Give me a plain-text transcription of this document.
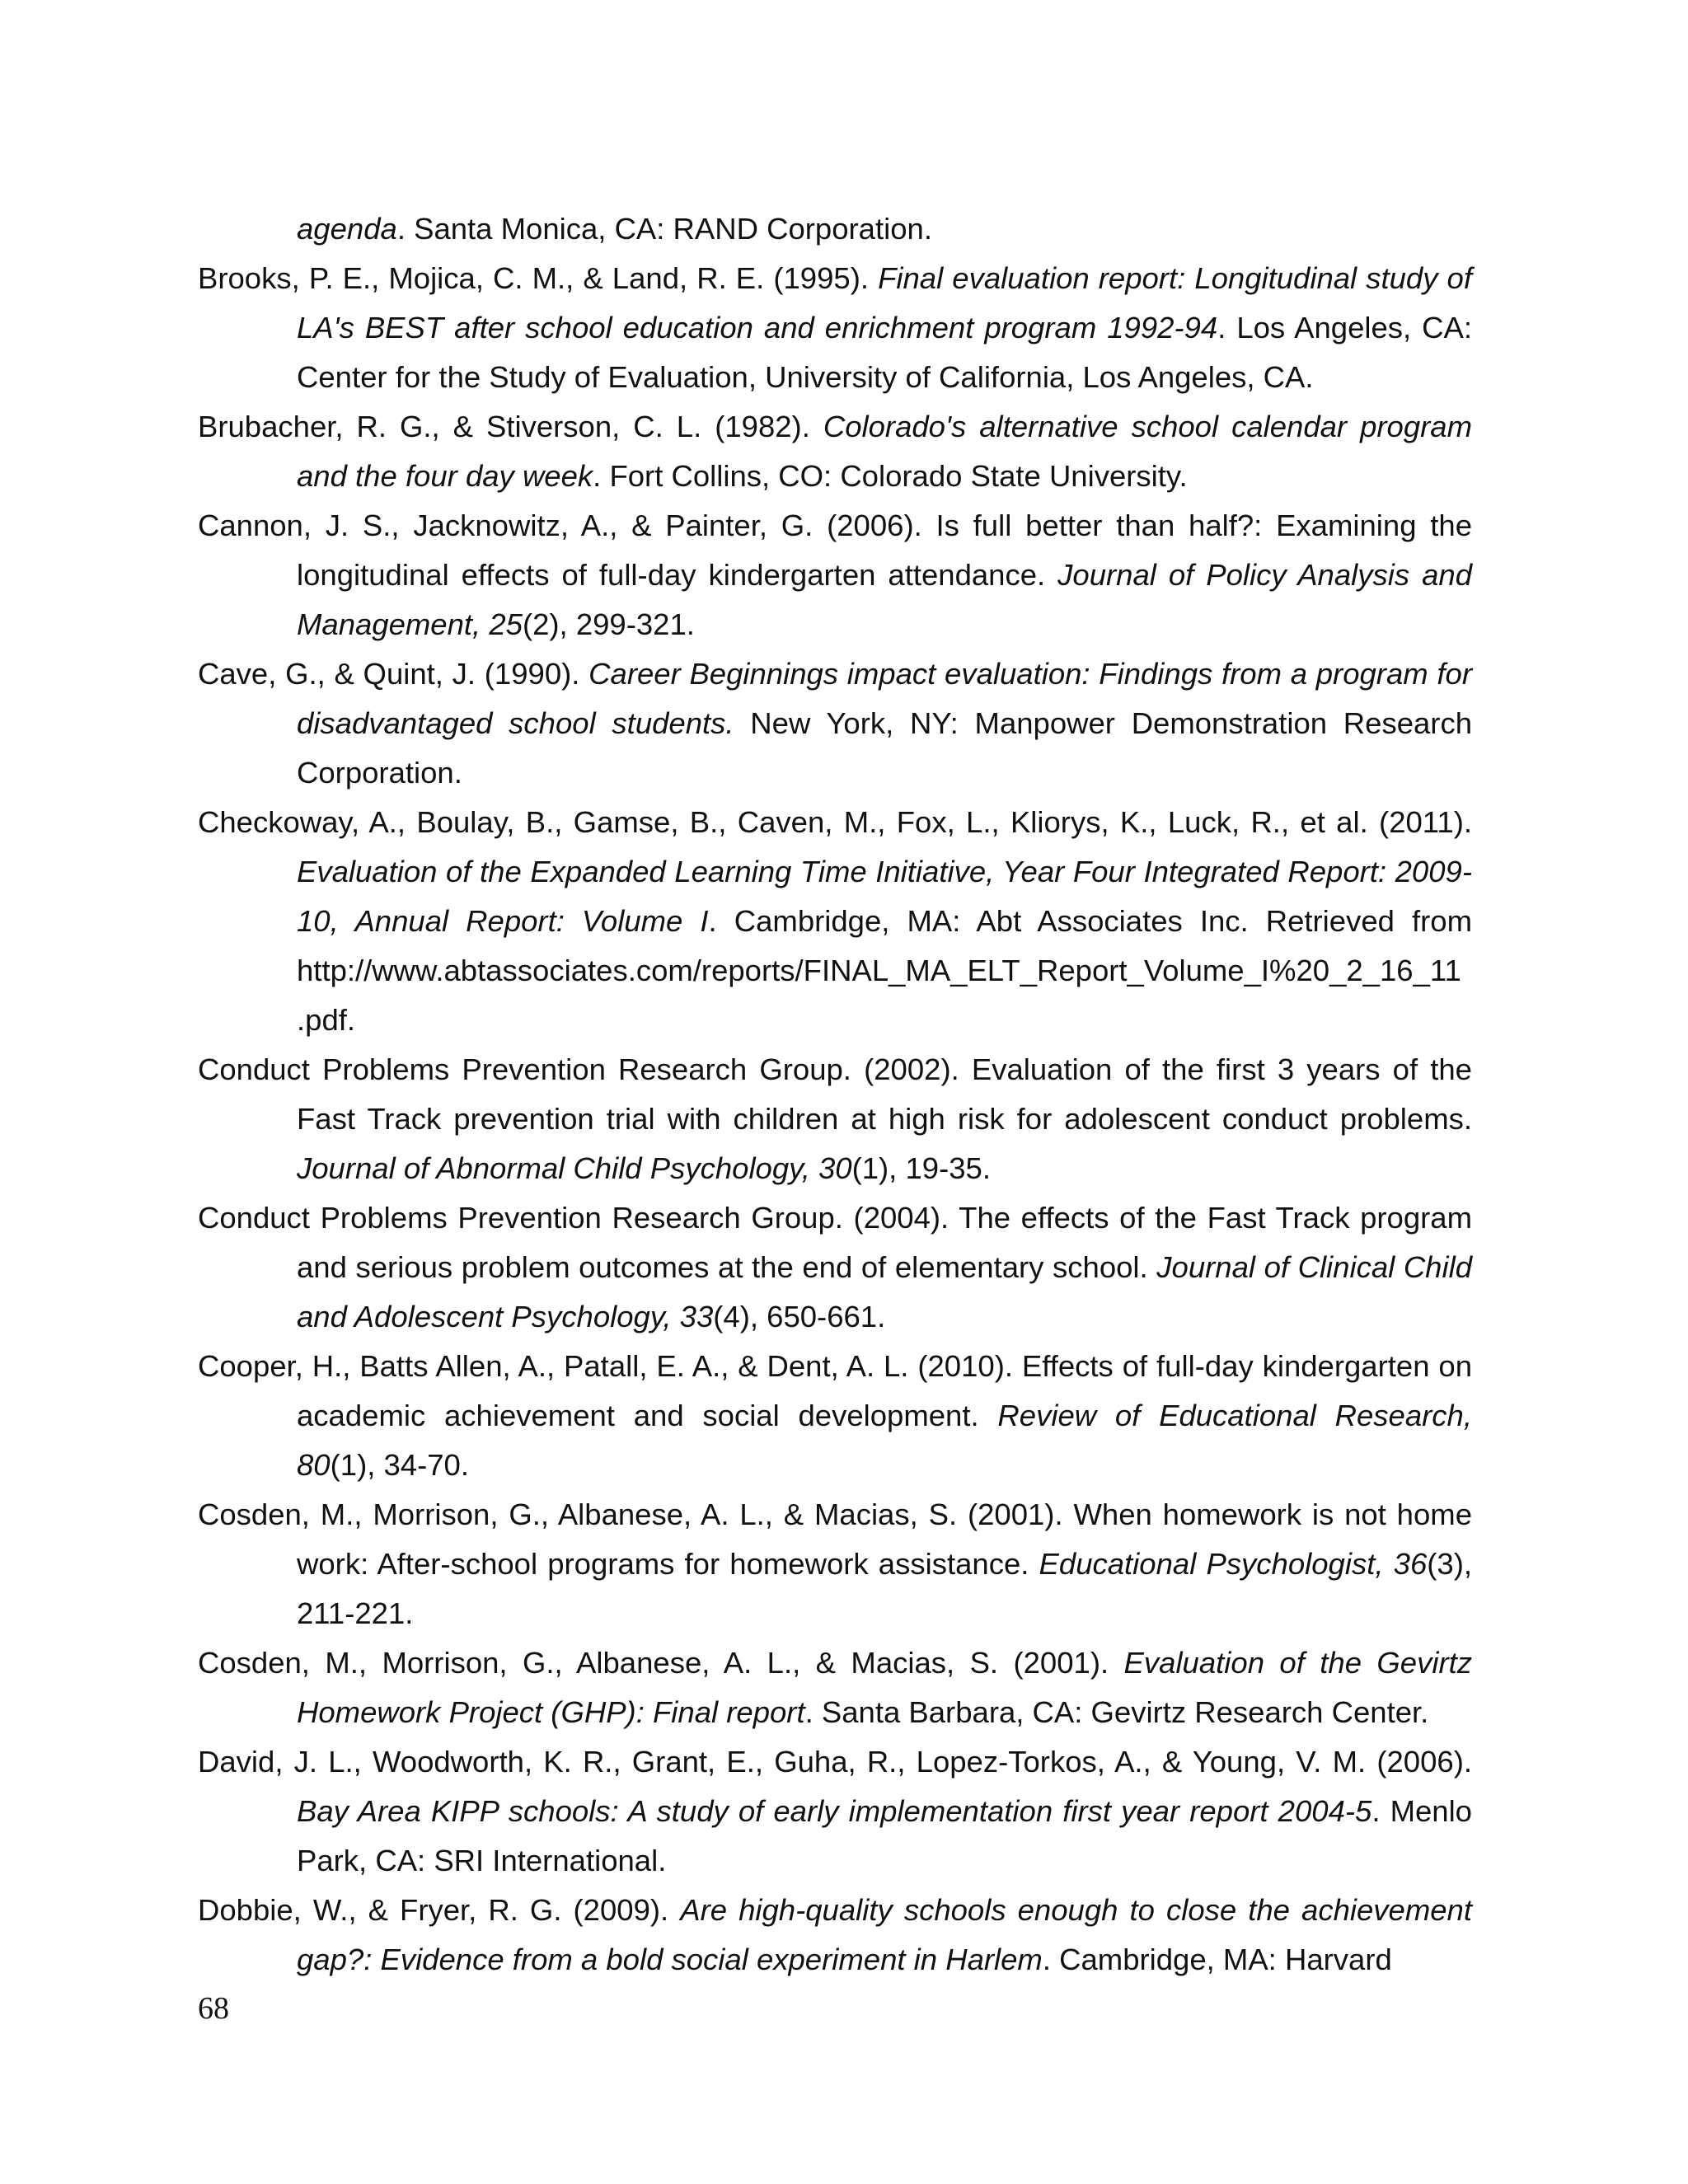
agenda. Santa Monica, CA: RAND Corporation.

Brooks, P. E., Mojica, C. M., & Land, R. E. (1995). Final evaluation report: Longitudinal study of LA's BEST after school education and enrichment program 1992-94. Los Angeles, CA: Center for the Study of Evaluation, University of California, Los Angeles, CA.

Brubacher, R. G., & Stiverson, C. L. (1982). Colorado's alternative school calendar program and the four day week. Fort Collins, CO: Colorado State University.

Cannon, J. S., Jacknowitz, A., & Painter, G. (2006). Is full better than half?: Examining the longitudinal effects of full-day kindergarten attendance. Journal of Policy Analysis and Management, 25(2), 299-321.

Cave, G., & Quint, J. (1990). Career Beginnings impact evaluation: Findings from a program for disadvantaged school students. New York, NY: Manpower Demonstration Research Corporation.

Checkoway, A., Boulay, B., Gamse, B., Caven, M., Fox, L., Kliorys, K., Luck, R., et al. (2011). Evaluation of the Expanded Learning Time Initiative, Year Four Integrated Report: 2009-10, Annual Report: Volume I. Cambridge, MA: Abt Associates Inc. Retrieved from http://www.abtassociates.com/reports/FINAL_MA_ELT_Report_Volume_I%20_2_16_11 .pdf.

Conduct Problems Prevention Research Group. (2002). Evaluation of the first 3 years of the Fast Track prevention trial with children at high risk for adolescent conduct problems. Journal of Abnormal Child Psychology, 30(1), 19-35.

Conduct Problems Prevention Research Group. (2004). The effects of the Fast Track program and serious problem outcomes at the end of elementary school. Journal of Clinical Child and Adolescent Psychology, 33(4), 650-661.

Cooper, H., Batts Allen, A., Patall, E. A., & Dent, A. L. (2010). Effects of full-day kindergarten on academic achievement and social development. Review of Educational Research, 80(1), 34-70.

Cosden, M., Morrison, G., Albanese, A. L., & Macias, S. (2001). When homework is not home work: After-school programs for homework assistance. Educational Psychologist, 36(3), 211-221.

Cosden, M., Morrison, G., Albanese, A. L., & Macias, S. (2001). Evaluation of the Gevirtz Homework Project (GHP): Final report. Santa Barbara, CA: Gevirtz Research Center.

David, J. L., Woodworth, K. R., Grant, E., Guha, R., Lopez-Torkos, A., & Young, V. M. (2006). Bay Area KIPP schools: A study of early implementation first year report 2004-5. Menlo Park, CA: SRI International.

Dobbie, W., & Fryer, R. G. (2009). Are high-quality schools enough to close the achievement gap?: Evidence from a bold social experiment in Harlem. Cambridge, MA: Harvard

68
